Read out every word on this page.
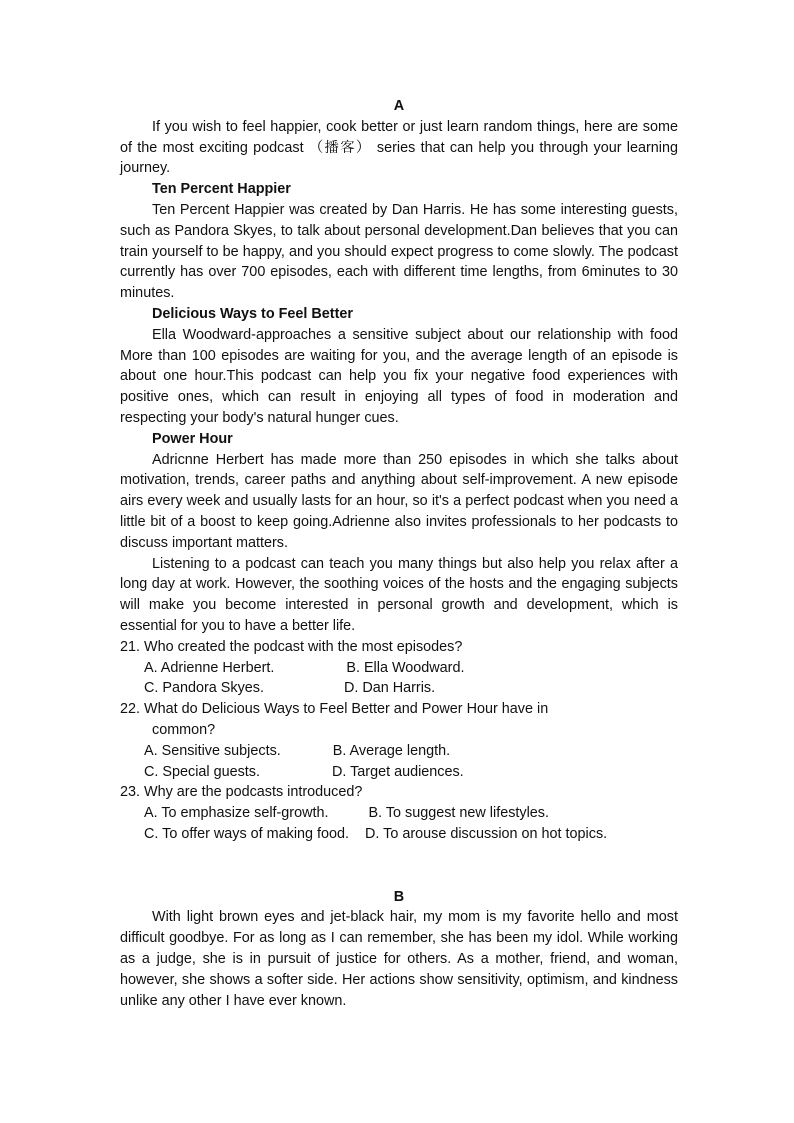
A

If you wish to feel happier, cook better or just learn random things, here are some of the most exciting podcast （播客） series that can help you through your learning journey.

Ten Percent Happier

Ten Percent Happier was created by Dan Harris. He has some interesting guests, such as Pandora Skyes, to talk about personal development.Dan believes that you can train yourself to be happy, and you should expect progress to come slowly. The podcast currently has over 700 episodes, each with different time lengths, from 6minutes to 30 minutes.

Delicious Ways to Feel Better

Ella Woodward-approaches a sensitive subject about our relationship with food More than 100 episodes are waiting for you, and the average length of an episode is about one hour.This podcast can help you fix your negative food experiences with positive ones, which can result in enjoying all types of food in moderation and respecting your body's natural hunger cues.

Power Hour

Adricnne Herbert has made more than 250 episodes in which she talks about motivation, trends, career paths and anything about self-improvement. A new episode airs every week and usually lasts for an hour, so it's a perfect podcast when you need a little bit of a boost to keep going.Adrienne also invites professionals to her podcasts to discuss important matters.

Listening to a podcast can teach you many things but also help you relax after a long day at work. However, the soothing voices of the hosts and the engaging subjects will make you become interested in personal growth and development, which is essential for you to have a better life.

21. Who created the podcast with the most episodes?

A. Adrienne Herbert.                  B. Ella Woodward.

C. Pandora Skyes.                    D. Dan Harris.

22. What do Delicious Ways to Feel Better and Power Hour have in

common?

A. Sensitive subjects.             B. Average length.

C. Special guests.                  D. Target audiences.

23. Why are the podcasts introduced?

A. To emphasize self-growth.          B. To suggest new lifestyles.

C. To offer ways of making food.    D. To arouse discussion on hot topics.

B

With light brown eyes and jet-black hair, my mom is my favorite hello and most difficult goodbye. For as long as I can remember, she has been my idol. While working as a judge, she is in pursuit of justice for others. As a mother, friend, and woman, however, she shows a softer side. Her actions show sensitivity, optimism, and kindness unlike any other I have ever known.
